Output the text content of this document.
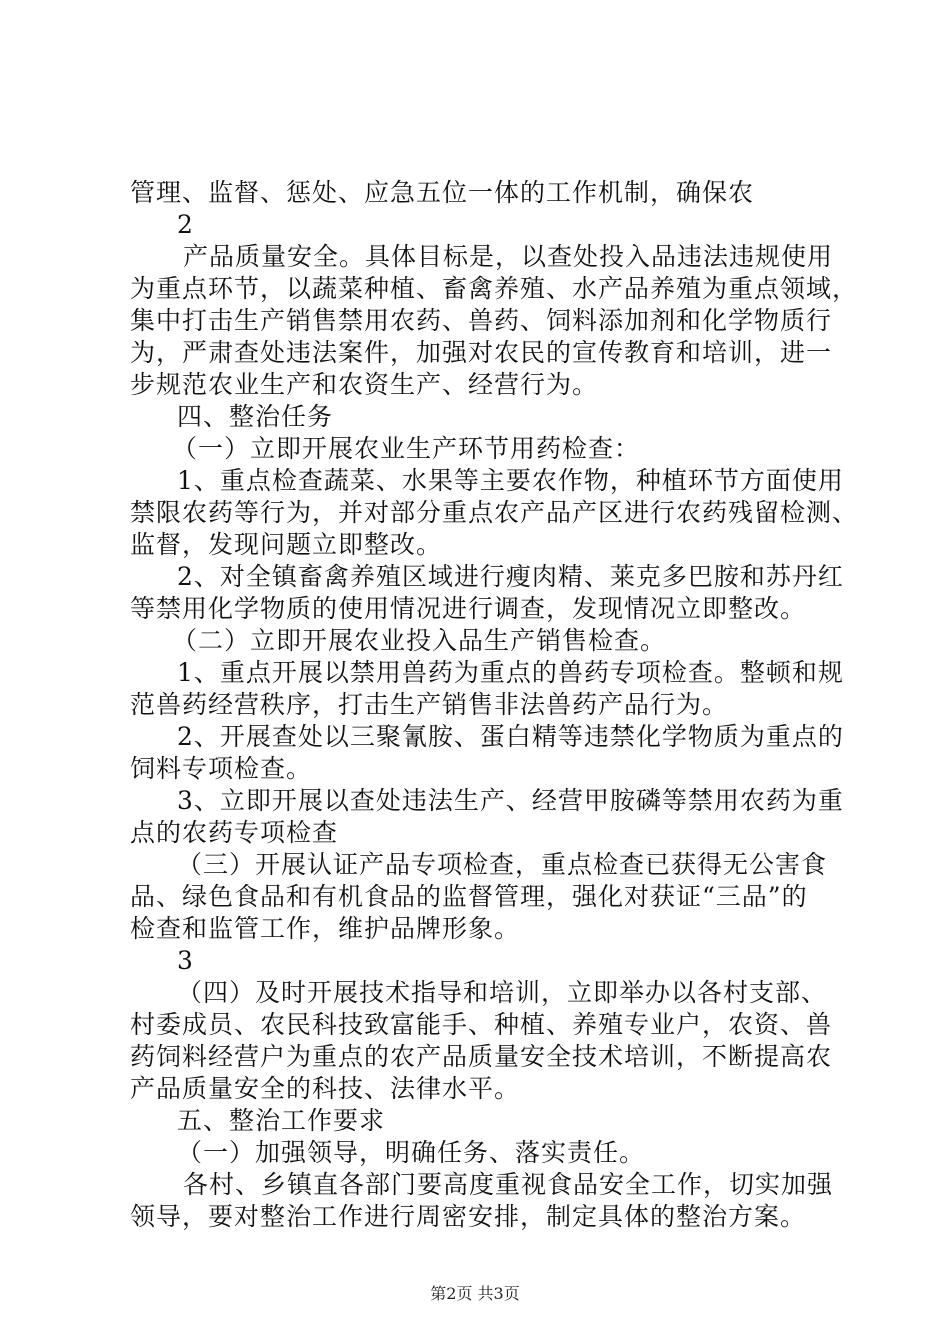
管理、监督、惩处、应急五位一体的工作机制，确保农
2
产品质量安全。具体目标是，以查处投入品违法违规使用
为重点环节，以蔬菜种植、畜禽养殖、水产品养殖为重点领域，
集中打击生产销售禁用农药、兽药、饲料添加剂和化学物质行
为，严肃查处违法案件，加强对农民的宣传教育和培训，进一
步规范农业生产和农资生产、经营行为。
四、整治任务
（一）立即开展农业生产环节用药检查：
1、重点检查蔬菜、水果等主要农作物，种植环节方面使用
禁限农药等行为，并对部分重点农产品产区进行农药残留检测、
监督，发现问题立即整改。
2、对全镇畜禽养殖区域进行瘦肉精、莱克多巴胺和苏丹红
等禁用化学物质的使用情况进行调查，发现情况立即整改。
（二）立即开展农业投入品生产销售检查。
1、重点开展以禁用兽药为重点的兽药专项检查。整顿和规
范兽药经营秩序，打击生产销售非法兽药产品行为。
2、开展查处以三聚氰胺、蛋白精等违禁化学物质为重点的
饲料专项检查。
3、立即开展以查处违法生产、经营甲胺磷等禁用农药为重
点的农药专项检查
（三）开展认证产品专项检查，重点检查已获得无公害食
品、绿色食品和有机食品的监督管理，强化对获证“三品”的
检查和监管工作，维护品牌形象。
3
（四）及时开展技术指导和培训，立即举办以各村支部、
村委成员、农民科技致富能手、种植、养殖专业户，农资、兽
药饲料经营户为重点的农产品质量安全技术培训，不断提高农
产品质量安全的科技、法律水平。
五、整治工作要求
（一）加强领导，明确任务、落实责任。
各村、乡镇直各部门要高度重视食品安全工作，切实加强
领导，要对整治工作进行周密安排，制定具体的整治方案。
第2页 共3页
